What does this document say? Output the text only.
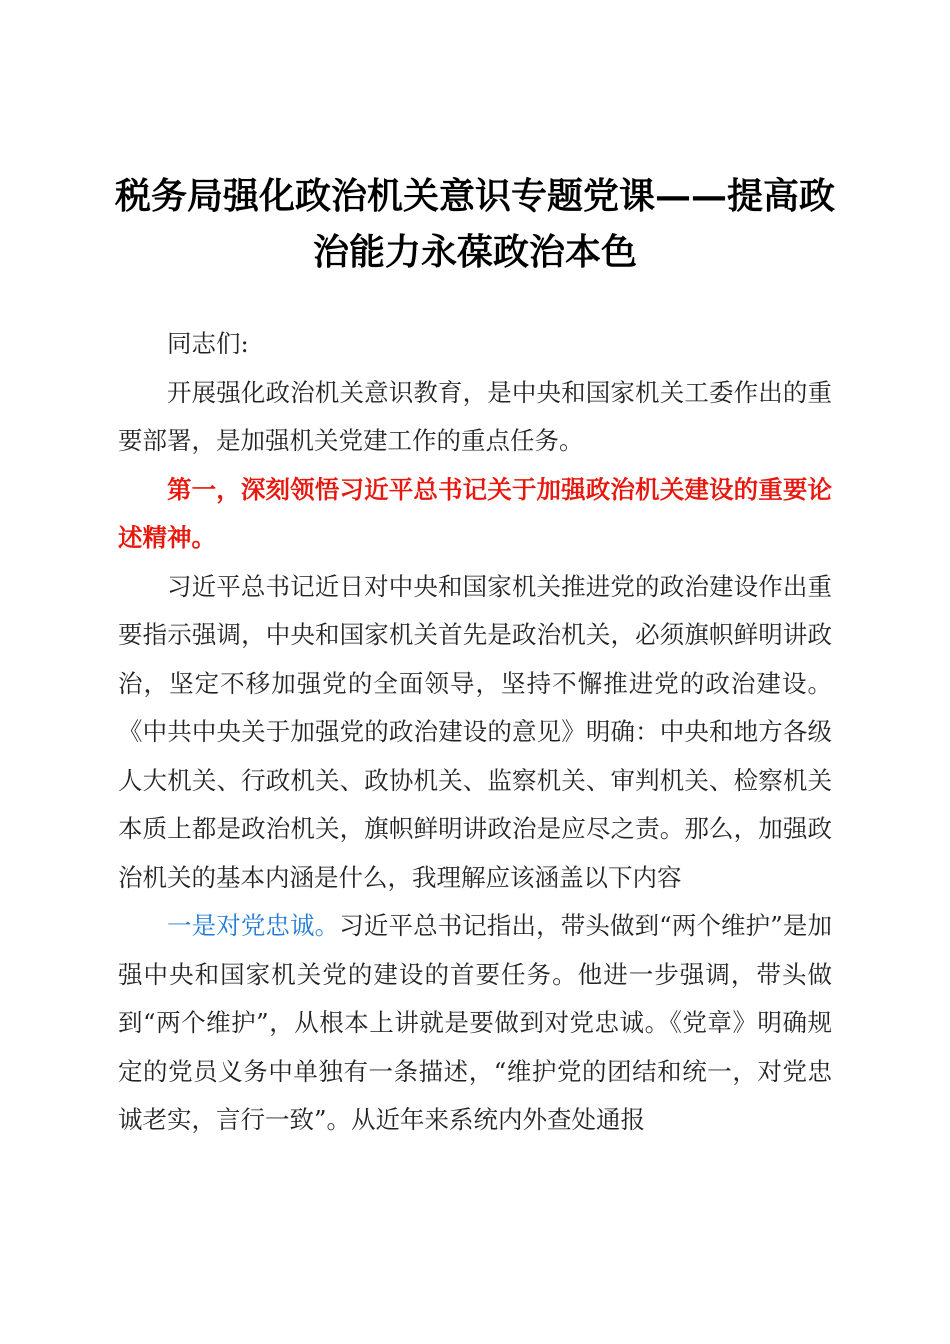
税务局强化政治机关意识专题党课——提高政治能力永葆政治本色

同志们:

开展强化政治机关意识教育，是中央和国家机关工委作出的重要部署，是加强机关党建工作的重点任务。

第一，深刻领悟习近平总书记关于加强政治机关建设的重要论述精神。

习近平总书记近日对中央和国家机关推进党的政治建设作出重要指示强调，中央和国家机关首先是政治机关，必须旗帜鲜明讲政治，坚定不移加强党的全面领导，坚持不懈推进党的政治建设。《中共中央关于加强党的政治建设的意见》明确：中央和地方各级人大机关、行政机关、政协机关、监察机关、审判机关、检察机关本质上都是政治机关，旗帜鲜明讲政治是应尽之责。那么，加强政治机关的基本内涵是什么，我理解应该涵盖以下内容

一是对党忠诚。习近平总书记指出，带头做到“两个维护”是加强中央和国家机关党的建设的首要任务。他进一步强调，带头做到“两个维护”，从根本上讲就是要做到对党忠诚。《党章》明确规定的党员义务中单独有一条描述，“维护党的团结和统一，对党忠诚老实，言行一致”。从近年来系统内外查处通报
